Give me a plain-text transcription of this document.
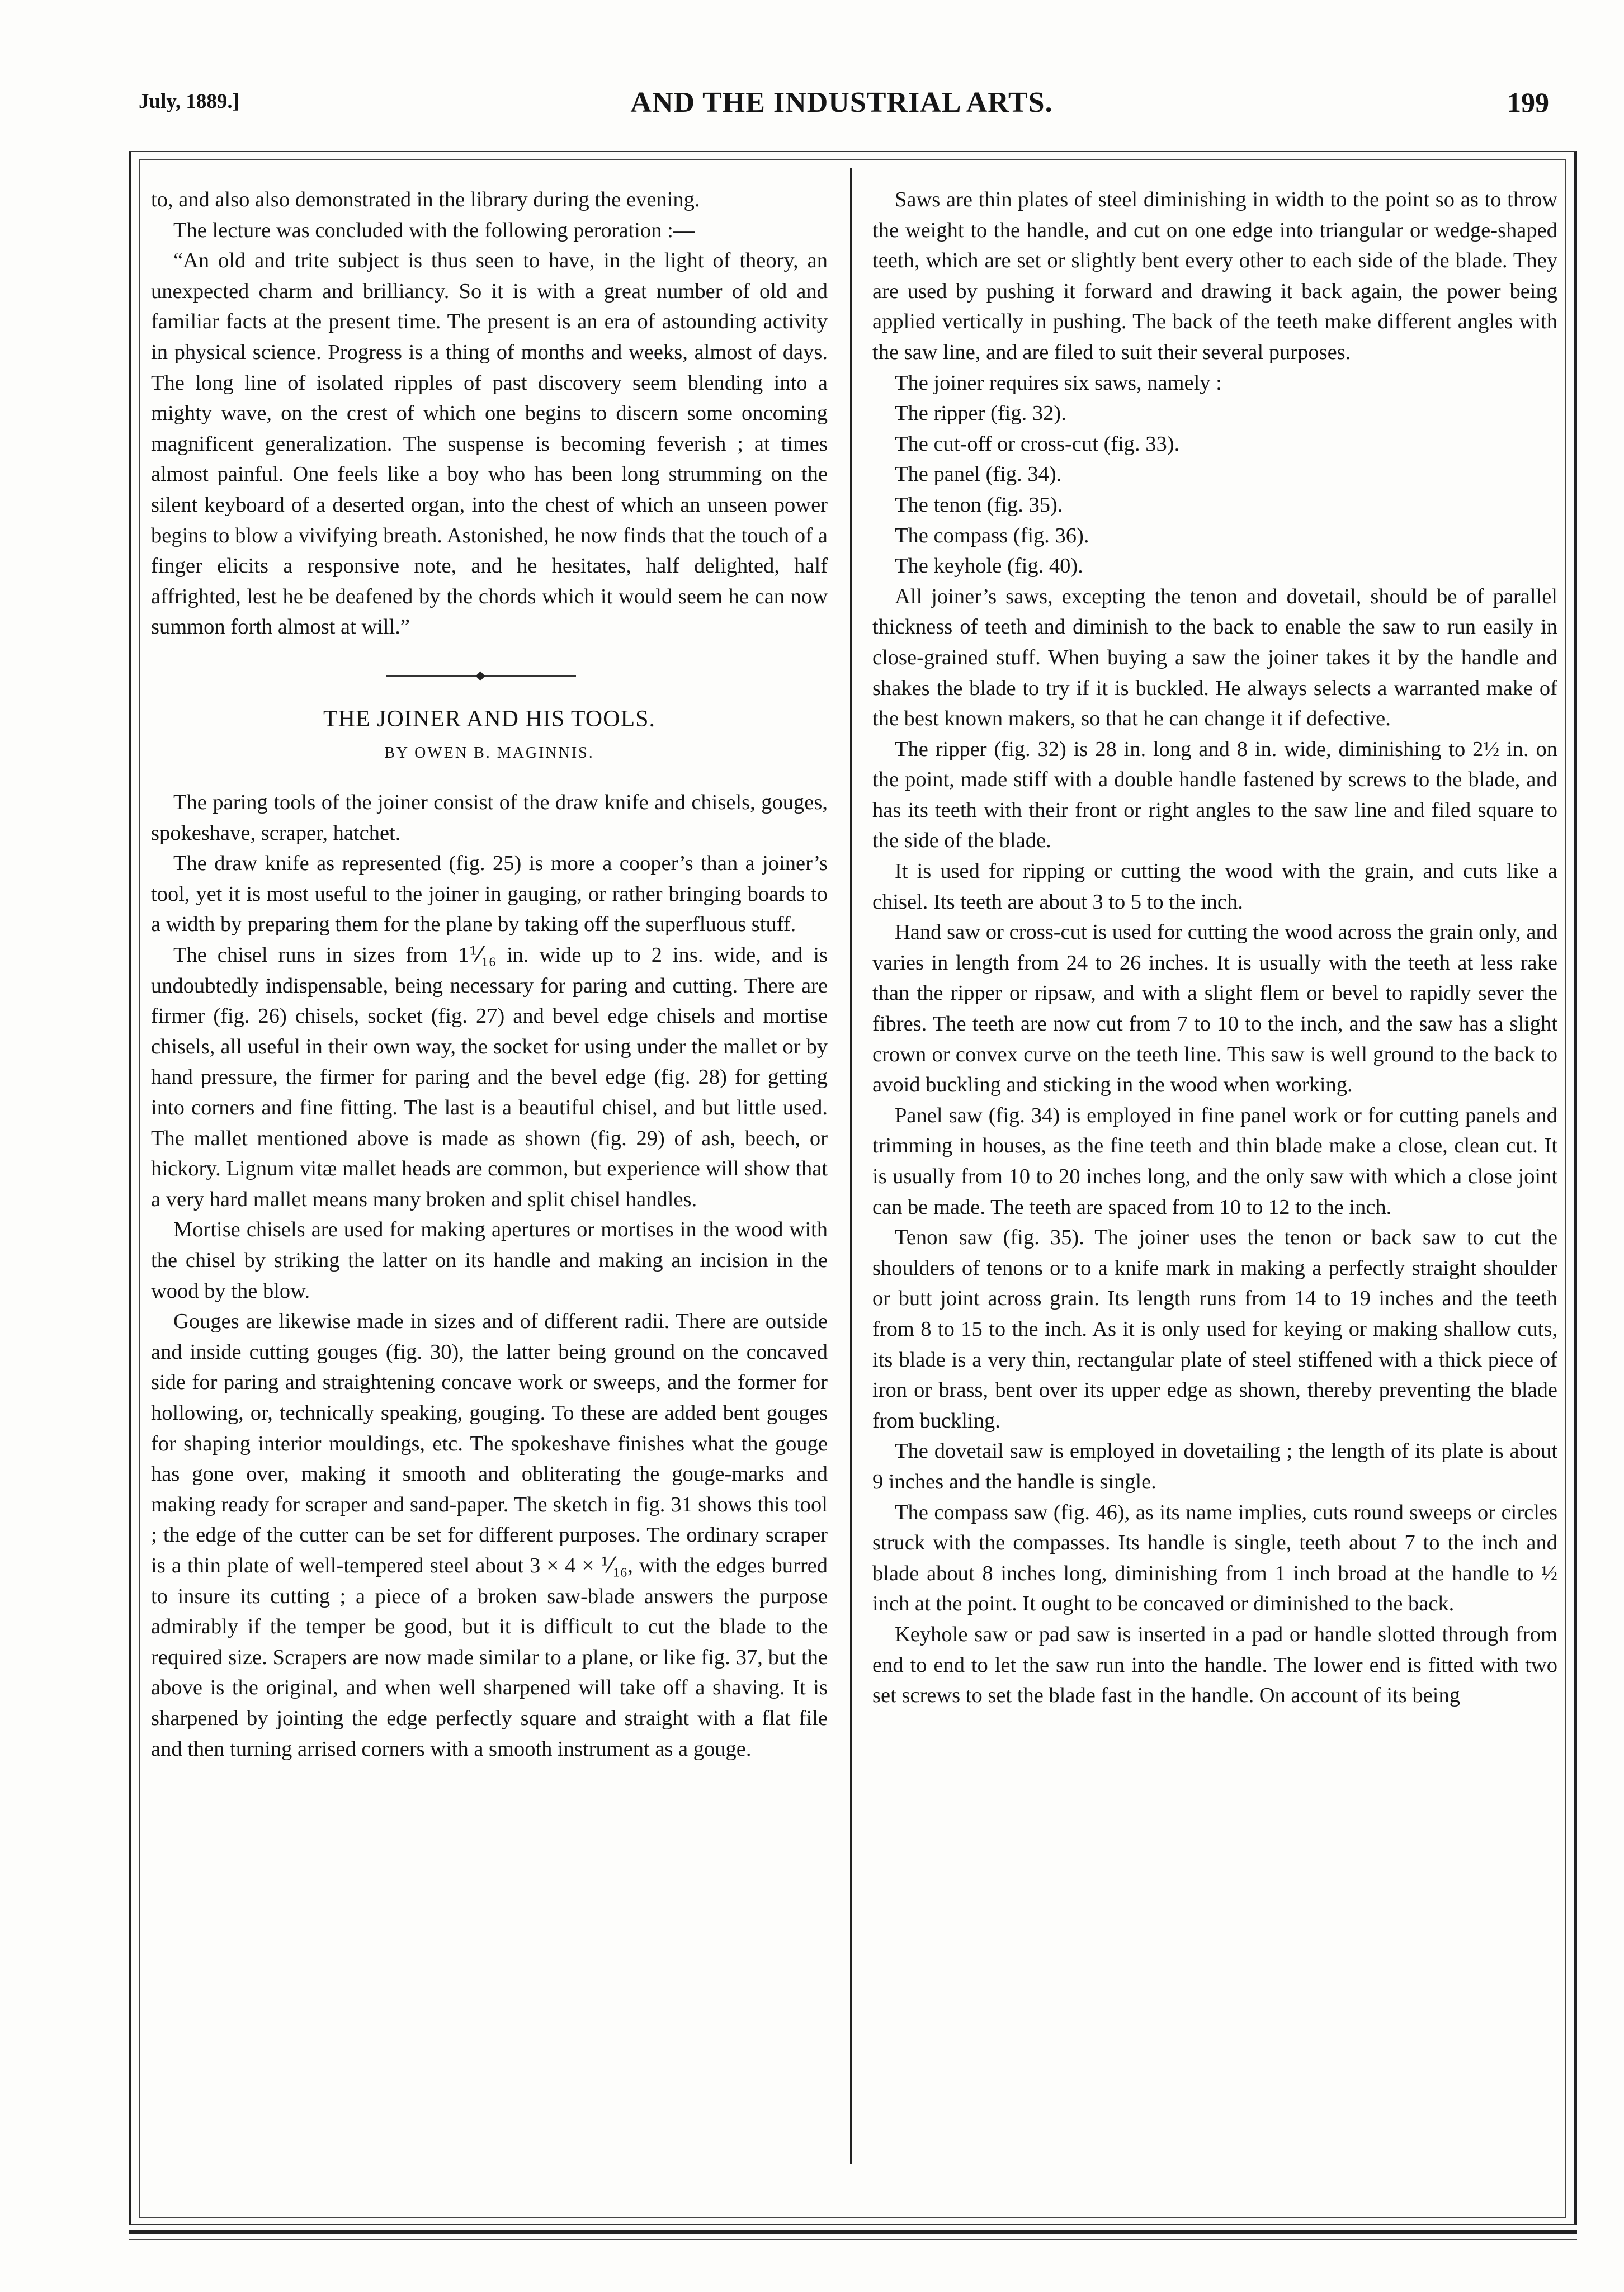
July, 1889.]	AND THE INDUSTRIAL ARTS.	199

to, and also also demonstrated in the library during the evening.

The lecture was concluded with the following peroration :—

“An old and trite subject is thus seen to have, in the light of theory, an unexpected charm and brilliancy. So it is with a great number of old and familiar facts at the present time. The present is an era of astounding activity in physical science. Progress is a thing of months and weeks, almost of days. The long line of isolated ripples of past discovery seem blending into a mighty wave, on the crest of which one begins to discern some oncoming magnificent generalization. The suspense is becoming feverish ; at times almost painful. One feels like a boy who has been long strumming on the silent keyboard of a deserted organ, into the chest of which an unseen power begins to blow a vivifying breath. Astonished, he now finds that the touch of a finger elicits a responsive note, and he hesitates, half delighted, half affrighted, lest he be deafened by the chords which it would seem he can now summon forth almost at will.”

THE JOINER AND HIS TOOLS.
BY OWEN B. MAGINNIS.

The paring tools of the joiner consist of the draw knife and chisels, gouges, spokeshave, scraper, hatchet.

The draw knife as represented (fig. 25) is more a cooper’s than a joiner’s tool, yet it is most useful to the joiner in gauging, or rather bringing boards to a width by preparing them for the plane by taking off the superfluous stuff.

The chisel runs in sizes from 1⅟₁₆ in. wide up to 2 ins. wide, and is undoubtedly indispensable, being necessary for paring and cutting. There are firmer (fig. 26) chisels, socket (fig. 27) and bevel edge chisels and mortise chisels, all useful in their own way, the socket for using under the mallet or by hand pressure, the firmer for paring and the bevel edge (fig. 28) for getting into corners and fine fitting. The last is a beautiful chisel, and but little used. The mallet mentioned above is made as shown (fig. 29) of ash, beech, or hickory. Lignum vitæ mallet heads are common, but experience will show that a very hard mallet means many broken and split chisel handles.

Mortise chisels are used for making apertures or mortises in the wood with the chisel by striking the latter on its handle and making an incision in the wood by the blow.

Gouges are likewise made in sizes and of different radii. There are outside and inside cutting gouges (fig. 30), the latter being ground on the concaved side for paring and straightening concave work or sweeps, and the former for hollowing, or, technically speaking, gouging. To these are added bent gouges for shaping interior mouldings, etc. The spokeshave finishes what the gouge has gone over, making it smooth and obliterating the gouge-marks and making ready for scraper and sand-paper. The sketch in fig. 31 shows this tool ; the edge of the cutter can be set for different purposes. The ordinary scraper is a thin plate of well-tempered steel about 3 × 4 × ⅟₁₆, with the edges burred to insure its cutting ; a piece of a broken saw-blade answers the purpose admirably if the temper be good, but it is difficult to cut the blade to the required size. Scrapers are now made similar to a plane, or like fig. 37, but the above is the original, and when well sharpened will take off a shaving. It is sharpened by jointing the edge perfectly square and straight with a flat file and then turning arrised corners with a smooth instrument as a gouge.

Saws are thin plates of steel diminishing in width to the point so as to throw the weight to the handle, and cut on one edge into triangular or wedge-shaped teeth, which are set or slightly bent every other to each side of the blade. They are used by pushing it forward and drawing it back again, the power being applied vertically in pushing. The back of the teeth make different angles with the saw line, and are filed to suit their several purposes.

The joiner requires six saws, namely :

The ripper (fig. 32).

The cut-off or cross-cut (fig. 33).

The panel (fig. 34).

The tenon (fig. 35).

The compass (fig. 36).

The keyhole (fig. 40).

All joiner’s saws, excepting the tenon and dovetail, should be of parallel thickness of teeth and diminish to the back to enable the saw to run easily in close-grained stuff. When buying a saw the joiner takes it by the handle and shakes the blade to try if it is buckled. He always selects a warranted make of the best known makers, so that he can change it if defective.

The ripper (fig. 32) is 28 in. long and 8 in. wide, diminishing to 2½ in. on the point, made stiff with a double handle fastened by screws to the blade, and has its teeth with their front or right angles to the saw line and filed square to the side of the blade.

It is used for ripping or cutting the wood with the grain, and cuts like a chisel. Its teeth are about 3 to 5 to the inch.

Hand saw or cross-cut is used for cutting the wood across the grain only, and varies in length from 24 to 26 inches. It is usually with the teeth at less rake than the ripper or ripsaw, and with a slight flem or bevel to rapidly sever the fibres. The teeth are now cut from 7 to 10 to the inch, and the saw has a slight crown or convex curve on the teeth line. This saw is well ground to the back to avoid buckling and sticking in the wood when working.

Panel saw (fig. 34) is employed in fine panel work or for cutting panels and trimming in houses, as the fine teeth and thin blade make a close, clean cut. It is usually from 10 to 20 inches long, and the only saw with which a close joint can be made. The teeth are spaced from 10 to 12 to the inch.

Tenon saw (fig. 35). The joiner uses the tenon or back saw to cut the shoulders of tenons or to a knife mark in making a perfectly straight shoulder or butt joint across grain. Its length runs from 14 to 19 inches and the teeth from 8 to 15 to the inch. As it is only used for keying or making shallow cuts, its blade is a very thin, rectangular plate of steel stiffened with a thick piece of iron or brass, bent over its upper edge as shown, thereby preventing the blade from buckling.

The dovetail saw is employed in dovetailing ; the length of its plate is about 9 inches and the handle is single.

The compass saw (fig. 46), as its name implies, cuts round sweeps or circles struck with the compasses. Its handle is single, teeth about 7 to the inch and blade about 8 inches long, diminishing from 1 inch broad at the handle to ½ inch at the point. It ought to be concaved or diminished to the back.

Keyhole saw or pad saw is inserted in a pad or handle slotted through from end to end to let the saw run into the handle. The lower end is fitted with two set screws to set the blade fast in the handle. On account of its being
